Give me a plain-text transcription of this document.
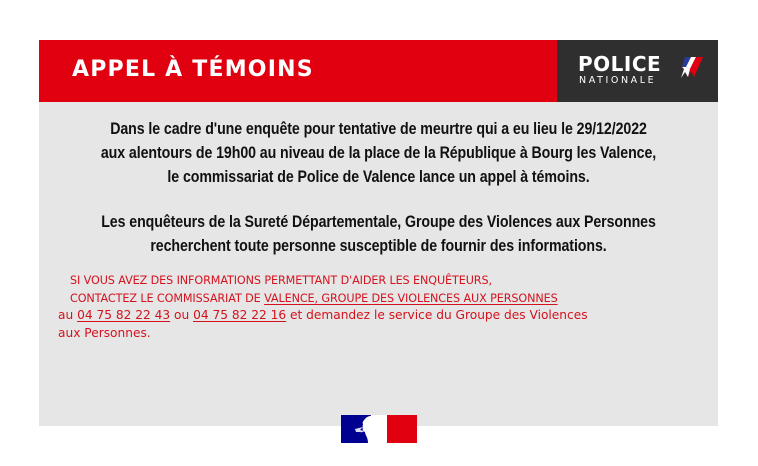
APPEL À TÉMOINS	POLICE
NATIONALE
Dans le cadre d'une enquête pour tentative de meurtre qui a eu lieu le 29/12/2022
aux alentours de 19h00 au niveau de la place de la République à Bourg les Valence,
le commissariat de Police de Valence lance un appel à témoins.
Les enquêteurs de la Sureté Départementale, Groupe des Violences aux Personnes
recherchent toute personne susceptible de fournir des informations.
SI VOUS AVEZ DES INFORMATIONS PERMETTANT D'AIDER LES ENQUÊTEURS,
CONTACTEZ LE COMMISSARIAT DE VALENCE, GROUPE DES VIOLENCES AUX PERSONNES
au 04 75 82 22 43 ou 04 75 82 22 16 et demandez le service du Groupe des Violences
aux Personnes.
